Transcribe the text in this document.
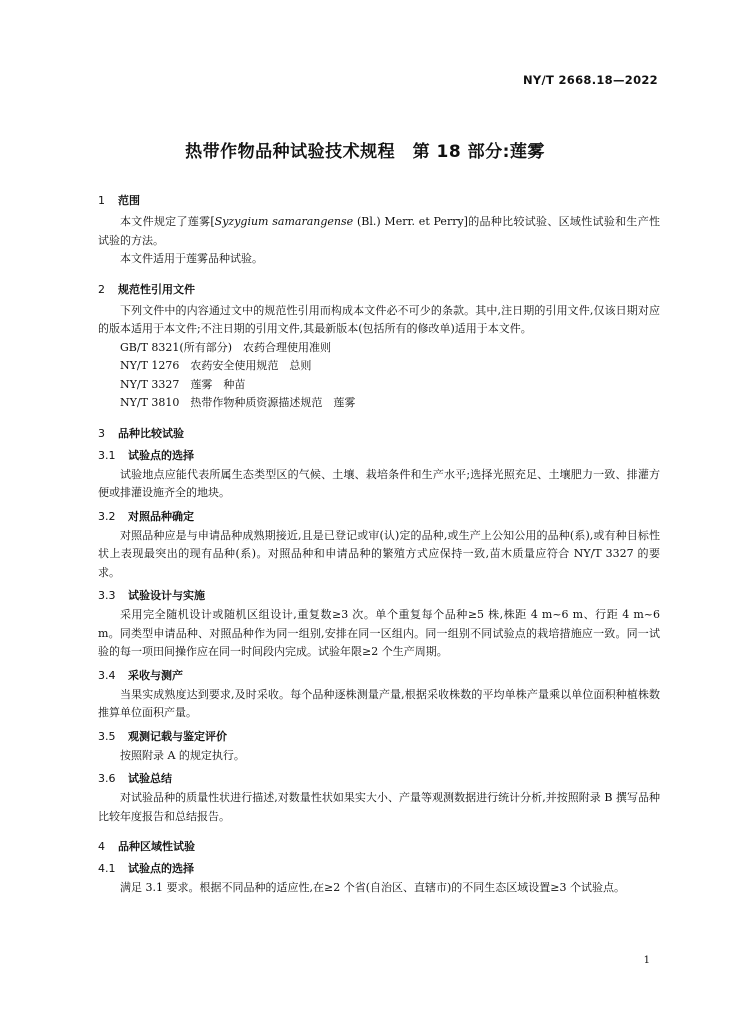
NY/T 2668.18—2022
热带作物品种试验技术规程　第 18 部分:莲雾
1	范围

本文件规定了莲雾[Syzygium samarangense (Bl.) Merr. et Perry]的品种比较试验、区域性试验和生产性试验的方法。

本文件适用于莲雾品种试验。

2	规范性引用文件

下列文件中的内容通过文中的规范性引用而构成本文件必不可少的条款。其中,注日期的引用文件,仅该日期对应的版本适用于本文件;不注日期的引用文件,其最新版本(包括所有的修改单)适用于本文件。

GB/T 8321(所有部分)　农药合理使用准则

NY/T 1276　农药安全使用规范　总则

NY/T 3327　莲雾　种苗

NY/T 3810　热带作物种质资源描述规范　莲雾

3	品种比较试验
3.1	试验点的选择

试验地点应能代表所属生态类型区的气候、土壤、栽培条件和生产水平;选择光照充足、土壤肥力一致、排灌方便或排灌设施齐全的地块。

3.2	对照品种确定

对照品种应是与申请品种成熟期接近,且是已登记或审(认)定的品种,或生产上公知公用的品种(系),或有种目标性状上表现最突出的现有品种(系)。对照品种和申请品种的繁殖方式应保持一致,苗木质量应符合 NY/T 3327 的要求。

3.3	试验设计与实施

采用完全随机设计或随机区组设计,重复数≥3 次。单个重复每个品种≥5 株,株距 4 m~6 m、行距 4 m~6 m。同类型申请品种、对照品种作为同一组别,安排在同一区组内。同一组别不同试验点的栽培措施应一致。同一试验的每一项田间操作应在同一时间段内完成。试验年限≥2 个生产周期。

3.4	采收与测产

当果实成熟度达到要求,及时采收。每个品种逐株测量产量,根据采收株数的平均单株产量乘以单位面积种植株数推算单位面积产量。

3.5	观测记载与鉴定评价

按照附录 A 的规定执行。

3.6	试验总结

对试验品种的质量性状进行描述,对数量性状如果实大小、产量等观测数据进行统计分析,并按照附录 B 撰写品种比较年度报告和总结报告。

4	品种区域性试验
4.1	试验点的选择

满足 3.1 要求。根据不同品种的适应性,在≥2 个省(自治区、直辖市)的不同生态区域设置≥3 个试验点。

1
